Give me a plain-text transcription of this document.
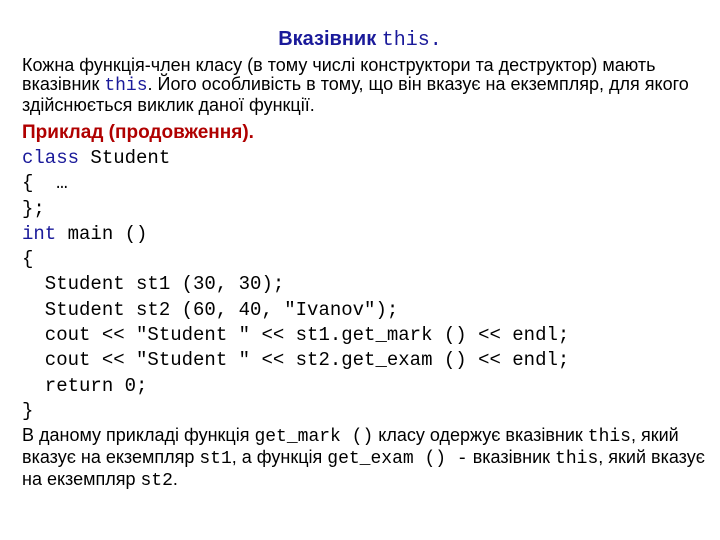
Вказівник this.
Кожна функція-член класу (в тому числі конструктори та деструктор) мають вказівник this. Його особливість в тому, що він вказує на екземпляр, для якого здійснюється виклик даної функції.
Приклад (продовження).
class Student
{  …
};
int main ()
{
Student st1 (30, 30);
Student st2 (60, 40, "Ivanov");
cout << "Student " << st1.get_mark () << endl;
cout << "Student " << st2.get_exam () << endl;
return 0;
}
В даному прикладі функція get_mark () класу одержує вказівник this, який вказує на екземпляр st1, а функція get_exam () - вказівник this, який вказує на екземпляр st2.
